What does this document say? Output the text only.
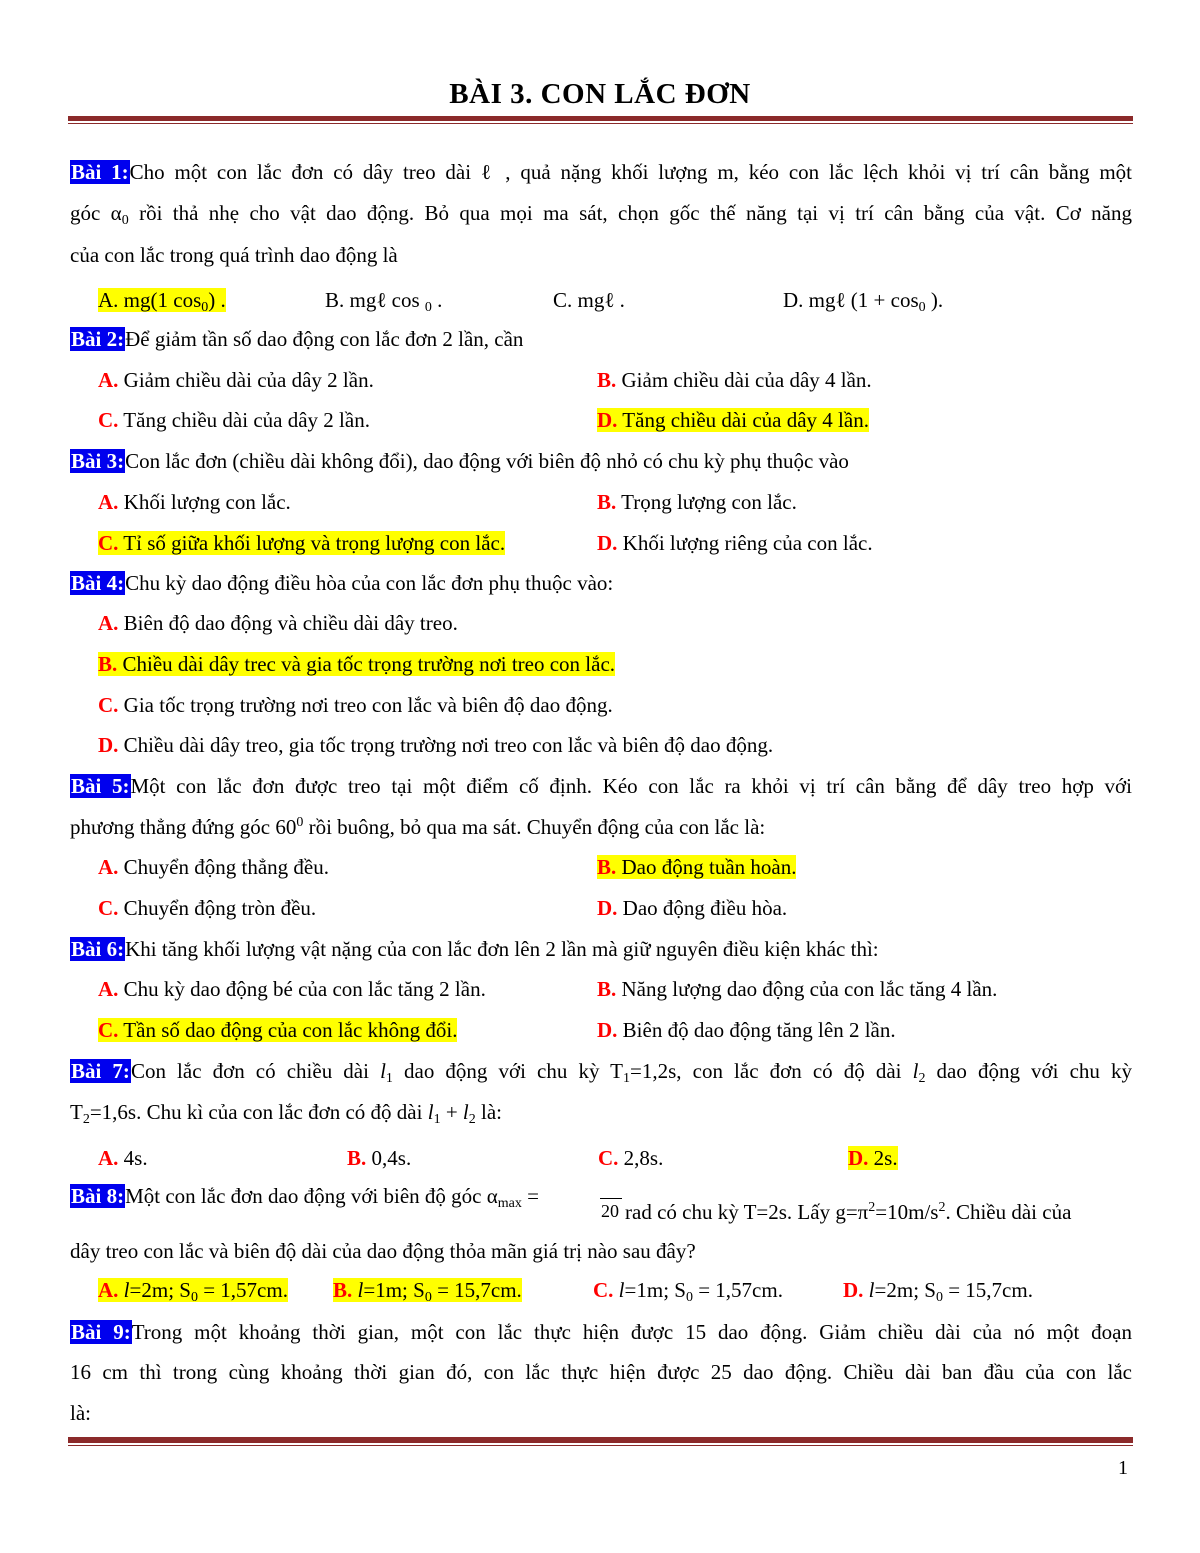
BÀI 3. CON LẮC ĐƠN
Bài 1:Cho một con lắc đơn có dây treo dài ℓ , quả nặng khối lượng m, kéo con lắc lệch khỏi vị trí cân bằng một
góc $\alpha_0$ rồi thả nhẹ cho vật dao động. Bỏ qua mọi ma sát, chọn gốc thế năng tại vị trí cân bằng của vật. Cơ năng
của con lắc trong quá trình dao động là
A. mg(1 $\cos_0$) .	B. mgℓ cos $_0$ .	C. mgℓ .	D. mgℓ ($1 + \cos_0$ ).
Bài 2:Để giảm tần số dao động con lắc đơn 2 lần, cần
A. Giảm chiều dài của dây 2 lần.	B. Giảm chiều dài của dây 4 lần.
C. Tăng chiều dài của dây 2 lần.	D. Tăng chiều dài của dây 4 lần.
Bài 3:Con lắc đơn (chiều dài không đổi), dao động với biên độ nhỏ có chu kỳ phụ thuộc vào
A. Khối lượng con lắc.	B. Trọng lượng con lắc.
C. Tỉ số giữa khối lượng và trọng lượng con lắc.	D. Khối lượng riêng của con lắc.
Bài 4:Chu kỳ dao động điều hòa của con lắc đơn phụ thuộc vào:
A. Biên độ dao động và chiều dài dây treo.
B. Chiều dài dây trec và gia tốc trọng trường nơi treo con lắc.
C. Gia tốc trọng trường nơi treo con lắc và biên độ dao động.
D. Chiều dài dây treo, gia tốc trọng trường nơi treo con lắc và biên độ dao động.
Bài 5:Một con lắc đơn được treo tại một điểm cố định. Kéo con lắc ra khỏi vị trí cân bằng để dây treo hợp với
phương thẳng đứng góc $60^0$ rồi buông, bỏ qua ma sát. Chuyển động của con lắc là:
A. Chuyển động thẳng đều.	B. Dao động tuần hoàn.
C. Chuyển động tròn đều.	D. Dao động điều hòa.
Bài 6:Khi tăng khối lượng vật nặng của con lắc đơn lên 2 lần mà giữ nguyên điều kiện khác thì:
A. Chu kỳ dao động bé của con lắc tăng 2 lần.	B. Năng lượng dao động của con lắc tăng 4 lần.
C. Tần số dao động của con lắc không đổi.	D. Biên độ dao động tăng lên 2 lần.
Bài 7:Con lắc đơn có chiều dài $l_1$ dao động với chu kỳ $T_1=1,2s$, con lắc đơn có độ dài $l_2$ dao động với chu kỳ
$T_2=1,6s$. Chu kì của con lắc đơn có độ dài $l_1 + l_2$ là:
A. 4s.	B. 0,4s.	C. 2,8s.	D. 2s.
Bài 8:Một con lắc đơn dao động với biên độ góc $\alpha_{max}$ =
20 rad có chu kỳ T=2s. Lấy $g=\pi^2=10m/s^2$. Chiều dài của
dây treo con lắc và biên độ dài của dao động thỏa mãn giá trị nào sau đây?
A. l=2m; $S_0 = 1,57cm$. B. l=1m; $S_0 = 15,7cm$.	C. l=1m; $S_0 = 1,57cm$.	D. l=2m; $S_0 = 15,7cm$.
Bài 9:Trong một khoảng thời gian, một con lắc thực hiện được 15 dao động. Giảm chiều dài của nó một đoạn
16 cm thì trong cùng khoảng thời gian đó, con lắc thực hiện được 25 dao động. Chiều dài ban đầu của con lắc
là:
1
